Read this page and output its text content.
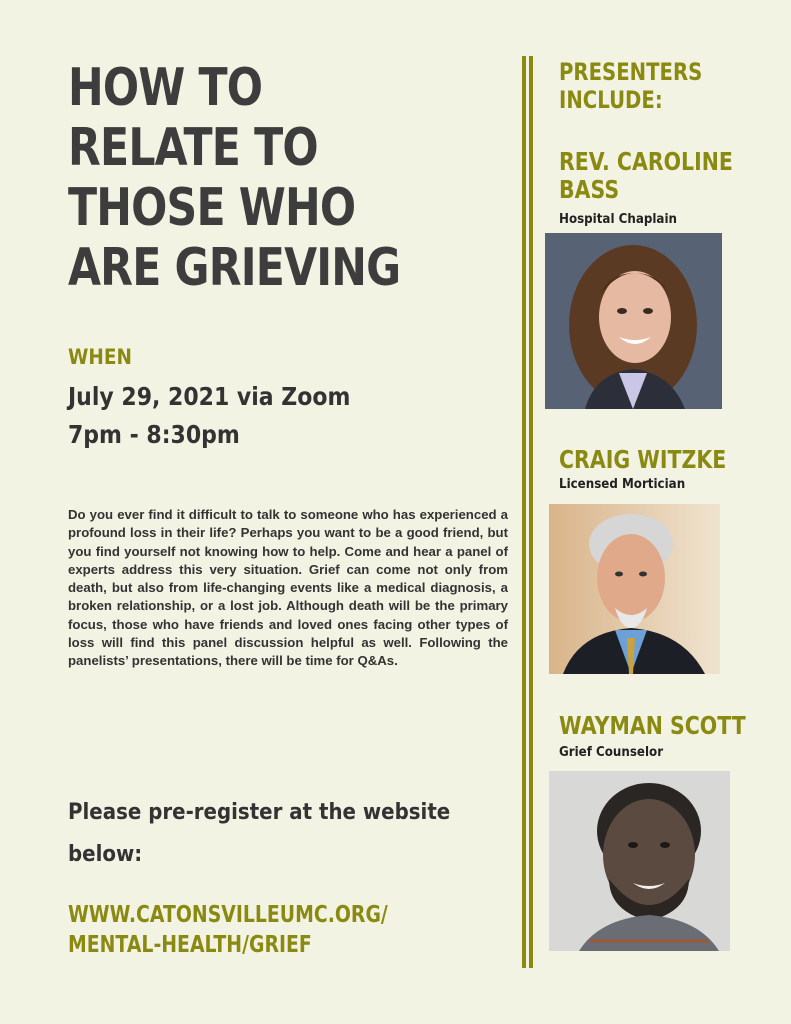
HOW TO
RELATE TO
THOSE WHO
ARE GRIEVING
WHEN
July 29, 2021 via Zoom
7pm - 8:30pm
Do you ever find it difficult to talk to someone who has experienced a profound loss in their life? Perhaps you want to be a good friend, but you find yourself not knowing how to help. Come and hear a panel of experts address this very situation. Grief can come not only from death, but also from life-changing events like a medical diagnosis, a broken relationship, or a lost job. Although death will be the primary focus, those who have friends and loved ones facing other types of loss will find this panel discussion helpful as well. Following the panelists’ presentations, there will be time for Q&As.
Please pre-register at the website below:
WWW.CATONSVILLEUMC.ORG/
MENTAL-HEALTH/GRIEF
PRESENTERS
INCLUDE:
REV. CAROLINE
BASS
Hospital Chaplain
CRAIG WITZKE
Licensed Mortician
WAYMAN SCOTT
Grief Counselor
